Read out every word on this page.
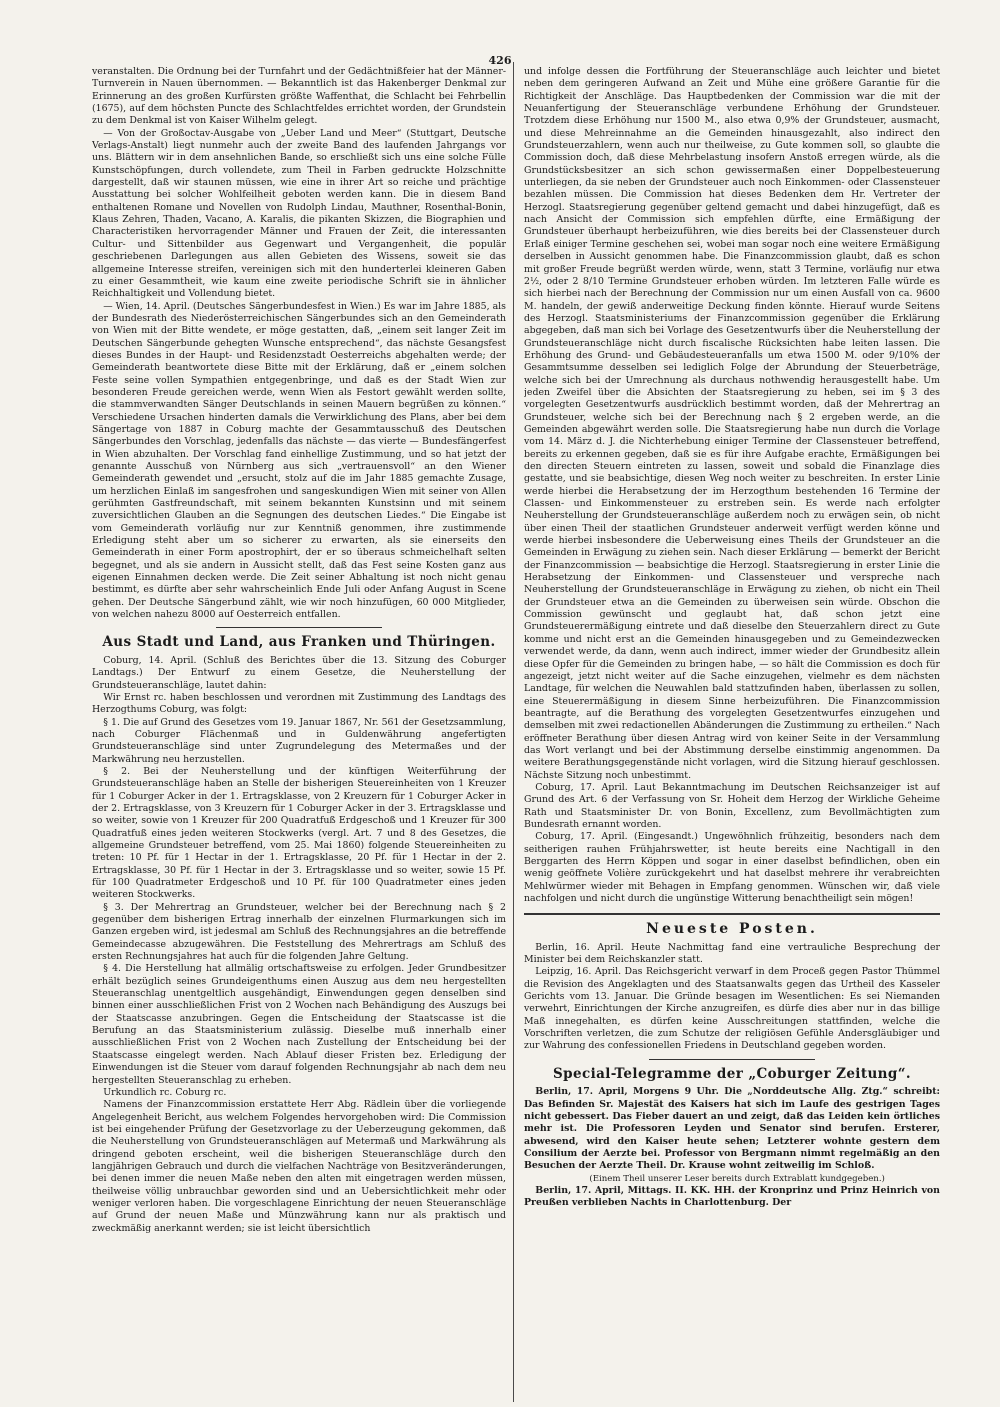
426

veranstalten. Die Ordnung bei der Turnfahrt und der Gedächtnißfeier hat der Männer-Turnverein in Nauen übernommen. — Bekanntlich ist das Hakenberger Denkmal zur Erinnerung an des großen Kurfürsten größte Waffenthat, die Schlacht bei Fehrbellin (1675), auf dem höchsten Puncte des Schlachtfeldes errichtet worden, der Grundstein zu dem Denkmal ist von Kaiser Wilhelm gelegt.

— Von der Großoctav-Ausgabe von „Ueber Land und Meer“ (Stuttgart, Deutsche Verlags-Anstalt) liegt nunmehr auch der zweite Band des laufenden Jahrgangs vor uns. Blättern wir in dem ansehnlichen Bande, so erschließt sich uns eine solche Fülle Kunstschöpfungen, durch vollendete, zum Theil in Farben gedruckte Holzschnitte dargestellt, daß wir staunen müssen, wie eine in ihrer Art so reiche und prächtige Ausstattung bei solcher Wohlfeilheit geboten werden kann. Die in diesem Band enthaltenen Romane und Novellen von Rudolph Lindau, Mauthner, Rosenthal-Bonin, Klaus Zehren, Thaden, Vacano, A. Karalis, die pikanten Skizzen, die Biographien und Characteristiken hervorragender Männer und Frauen der Zeit, die interessanten Cultur- und Sittenbilder aus Gegenwart und Vergangenheit, die populär geschriebenen Darlegungen aus allen Gebieten des Wissens, soweit sie das allgemeine Interesse streifen, vereinigen sich mit den hunderterlei kleineren Gaben zu einer Gesammtheit, wie kaum eine zweite periodische Schrift sie in ähnlicher Reichhaltigkeit und Vollendung bietet.

— Wien, 14. April. (Deutsches Sängerbundesfest in Wien.) Es war im Jahre 1885, als der Bundesrath des Niederösterreichischen Sängerbundes sich an den Gemeinderath von Wien mit der Bitte wendete, er möge gestatten, daß, „einem seit langer Zeit im Deutschen Sängerbunde gehegten Wunsche entsprechend“, das nächste Gesangsfest dieses Bundes in der Haupt- und Residenzstadt Oesterreichs abgehalten werde; der Gemeinderath beantwortete diese Bitte mit der Erklärung, daß er „einem solchen Feste seine vollen Sympathien entgegenbringe, und daß es der Stadt Wien zur besonderen Freude gereichen werde, wenn Wien als Festort gewählt werden sollte, die stammverwandten Sänger Deutschlands in seinen Mauern begrüßen zu können.“ Verschiedene Ursachen hinderten damals die Verwirklichung des Plans, aber bei dem Sängertage von 1887 in Coburg machte der Gesammtausschuß des Deutschen Sängerbundes den Vorschlag, jedenfalls das nächste — das vierte — Bundesfängerfest in Wien abzuhalten. Der Vorschlag fand einhellige Zustimmung, und so hat jetzt der genannte Ausschuß von Nürnberg aus sich „vertrauensvoll“ an den Wiener Gemeinderath gewendet und „ersucht, stolz auf die im Jahr 1885 gemachte Zusage, um herzlichen Einlaß im sangesfrohen und sangeskundigen Wien mit seiner von Allen gerühmten Gastfreundschaft, mit seinem bekannten Kunstsinn und mit seinem zuversichtlichen Glauben an die Segnungen des deutschen Liedes.“ Die Eingabe ist vom Gemeinderath vorläufig nur zur Kenntniß genommen, ihre zustimmende Erledigung steht aber um so sicherer zu erwarten, als sie einerseits den Gemeinderath in einer Form apostrophirt, der er so überaus schmeichelhaft selten begegnet, und als sie andern in Aussicht stellt, daß das Fest seine Kosten ganz aus eigenen Einnahmen decken werde. Die Zeit seiner Abhaltung ist noch nicht genau bestimmt, es dürfte aber sehr wahrscheinlich Ende Juli oder Anfang August in Scene gehen. Der Deutsche Sängerbund zählt, wie wir noch hinzufügen, 60 000 Mitglieder, von welchen nahezu 8000 auf Oesterreich entfallen.

Aus Stadt und Land, aus Franken und Thüringen.

Coburg, 14. April. (Schluß des Berichtes über die 13. Sitzung des Coburger Landtags.) Der Entwurf zu einem Gesetze, die Neuherstellung der Grundsteueranschläge, lautet dahin:

Wir Ernst rc. haben beschlossen und verordnen mit Zustimmung des Landtags des Herzogthums Coburg, was folgt:

§ 1. Die auf Grund des Gesetzes vom 19. Januar 1867, Nr. 561 der Gesetzsammlung, nach Coburger Flächenmaß und in Guldenwährung angefertigten Grundsteueranschläge sind unter Zugrundelegung des Metermaßes und der Markwährung neu herzustellen.

§ 2. Bei der Neuherstellung und der künftigen Weiterführung der Grundsteueranschläge haben an Stelle der bisherigen Steuereinheiten von 1 Kreuzer für 1 Coburger Acker in der 1. Ertragsklasse, von 2 Kreuzern für 1 Coburger Acker in der 2. Ertragsklasse, von 3 Kreuzern für 1 Coburger Acker in der 3. Ertragsklasse und so weiter, sowie von 1 Kreuzer für 200 Quadratfuß Erdgeschoß und 1 Kreuzer für 300 Quadratfuß eines jeden weiteren Stockwerks (vergl. Art. 7 und 8 des Gesetzes, die allgemeine Grundsteuer betreffend, vom 25. Mai 1860) folgende Steuereinheiten zu treten: 10 Pf. für 1 Hectar in der 1. Ertragsklasse, 20 Pf. für 1 Hectar in der 2. Ertragsklasse, 30 Pf. für 1 Hectar in der 3. Ertragsklasse und so weiter, sowie 15 Pf. für 100 Quadratmeter Erdgeschoß und 10 Pf. für 100 Quadratmeter eines jeden weiteren Stockwerks.

§ 3. Der Mehrertrag an Grundsteuer, welcher bei der Berechnung nach § 2 gegenüber dem bisherigen Ertrag innerhalb der einzelnen Flurmarkungen sich im Ganzen ergeben wird, ist jedesmal am Schluß des Rechnungsjahres an die betreffende Gemeindecasse abzugewähren. Die Feststellung des Mehrertrags am Schluß des ersten Rechnungsjahres hat auch für die folgenden Jahre Geltung.

§ 4. Die Herstellung hat allmälig ortschaftsweise zu erfolgen. Jeder Grundbesitzer erhält bezüglich seines Grundeigenthums einen Auszug aus dem neu hergestellten Steueranschlag unentgeltlich ausgehändigt, Einwendungen gegen denselben sind binnen einer ausschließlichen Frist von 2 Wochen nach Behändigung des Auszugs bei der Staatscasse anzubringen. Gegen die Entscheidung der Staatscasse ist die Berufung an das Staatsministerium zulässig. Dieselbe muß innerhalb einer ausschließlichen Frist von 2 Wochen nach Zustellung der Entscheidung bei der Staatscasse eingelegt werden. Nach Ablauf dieser Fristen bez. Erledigung der Einwendungen ist die Steuer vom darauf folgenden Rechnungsjahr ab nach dem neu hergestellten Steueranschlag zu erheben.

Urkundlich rc. Coburg rc.

Namens der Finanzcommission erstattete Herr Abg. Rädlein über die vorliegende Angelegenheit Bericht, aus welchem Folgendes hervorgehoben wird: Die Commission ist bei eingehender Prüfung der Gesetzvorlage zu der Ueberzeugung gekommen, daß die Neuherstellung von Grundsteueranschlägen auf Metermaß und Markwährung als dringend geboten erscheint, weil die bisherigen Steueranschläge durch den langjährigen Gebrauch und durch die vielfachen Nachträge von Besitzveränderungen, bei denen immer die neuen Maße neben den alten mit eingetragen werden müssen, theilweise völlig unbrauchbar geworden sind und an Uebersichtlichkeit mehr oder weniger verloren haben. Die vorgeschlagene Einrichtung der neuen Steueranschläge auf Grund der neuen Maße und Münzwährung kann nur als praktisch und zweckmäßig anerkannt werden; sie ist leicht übersichtlich

und infolge dessen die Fortführung der Steueranschläge auch leichter und bietet neben dem geringeren Aufwand an Zeit und Mühe eine größere Garantie für die Richtigkeit der Anschläge. Das Hauptbedenken der Commission war die mit der Neuanfertigung der Steueranschläge verbundene Erhöhung der Grundsteuer. Trotzdem diese Erhöhung nur 1500 M., also etwa 0,9% der Grundsteuer, ausmacht, und diese Mehreinnahme an die Gemeinden hinausgezahlt, also indirect den Grundsteuerzahlern, wenn auch nur theilweise, zu Gute kommen soll, so glaubte die Commission doch, daß diese Mehrbelastung insofern Anstoß erregen würde, als die Grundstücksbesitzer an sich schon gewissermaßen einer Doppelbesteuerung unterliegen, da sie neben der Grundsteuer auch noch Einkommen- oder Classensteuer bezahlen müssen. Die Commission hat dieses Bedenken dem Hr. Vertreter der Herzogl. Staatsregierung gegenüber geltend gemacht und dabei hinzugefügt, daß es nach Ansicht der Commission sich empfehlen dürfte, eine Ermäßigung der Grundsteuer überhaupt herbeizuführen, wie dies bereits bei der Classensteuer durch Erlaß einiger Termine geschehen sei, wobei man sogar noch eine weitere Ermäßigung derselben in Aussicht genommen habe. Die Finanzcommission glaubt, daß es schon mit großer Freude begrüßt werden würde, wenn, statt 3 Termine, vorläufig nur etwa 2½, oder 2 8/10 Termine Grundsteuer erhoben würden. Im letzteren Falle würde es sich hierbei nach der Berechnung der Commission nur um einen Ausfall von ca. 9600 M. handeln, der gewiß anderweitige Deckung finden könnte. Hierauf wurde Seitens des Herzogl. Staatsministeriums der Finanzcommission gegenüber die Erklärung abgegeben, daß man sich bei Vorlage des Gesetzentwurfs über die Neuherstellung der Grundsteueranschläge nicht durch fiscalische Rücksichten habe leiten lassen. Die Erhöhung des Grund- und Gebäudesteueranfalls um etwa 1500 M. oder 9/10% der Gesammtsumme desselben sei lediglich Folge der Abrundung der Steuerbeträge, welche sich bei der Umrechnung als durchaus nothwendig herausgestellt habe. Um jeden Zweifel über die Absichten der Staatsregierung zu heben, sei im § 3 des vorgelegten Gesetzentwurfs ausdrücklich bestimmt worden, daß der Mehrertrag an Grundsteuer, welche sich bei der Berechnung nach § 2 ergeben werde, an die Gemeinden abgewährt werden solle. Die Staatsregierung habe nun durch die Vorlage vom 14. März d. J. die Nichterhebung einiger Termine der Classensteuer betreffend, bereits zu erkennen gegeben, daß sie es für ihre Aufgabe erachte, Ermäßigungen bei den directen Steuern eintreten zu lassen, soweit und sobald die Finanzlage dies gestatte, und sie beabsichtige, diesen Weg noch weiter zu beschreiten. In erster Linie werde hierbei die Herabsetzung der im Herzogthum bestehenden 16 Termine der Classen- und Einkommensteuer zu erstreben sein. Es werde nach erfolgter Neuherstellung der Grundsteueranschläge außerdem noch zu erwägen sein, ob nicht über einen Theil der staatlichen Grundsteuer anderweit verfügt werden könne und werde hierbei insbesondere die Ueberweisung eines Theils der Grundsteuer an die Gemeinden in Erwägung zu ziehen sein. Nach dieser Erklärung — bemerkt der Bericht der Finanzcommission — beabsichtige die Herzogl. Staatsregierung in erster Linie die Herabsetzung der Einkommen- und Classensteuer und verspreche nach Neuherstellung der Grundsteueranschläge in Erwägung zu ziehen, ob nicht ein Theil der Grundsteuer etwa an die Gemeinden zu überweisen sein würde. Obschon die Commission gewünscht und geglaubt hat, daß schon jetzt eine Grundsteuerermäßigung eintrete und daß dieselbe den Steuerzahlern direct zu Gute komme und nicht erst an die Gemeinden hinausgegeben und zu Gemeindezwecken verwendet werde, da dann, wenn auch indirect, immer wieder der Grundbesitz allein diese Opfer für die Gemeinden zu bringen habe, — so hält die Commission es doch für angezeigt, jetzt nicht weiter auf die Sache einzugehen, vielmehr es dem nächsten Landtage, für welchen die Neuwahlen bald stattzufinden haben, überlassen zu sollen, eine Steuerermäßigung in diesem Sinne herbeizuführen. Die Finanzcommission beantragte, auf die Berathung des vorgelegten Gesetzentwurfes einzugehen und demselben mit zwei redactionellen Abänderungen die Zustimmung zu ertheilen.“ Nach eröffneter Berathung über diesen Antrag wird von keiner Seite in der Versammlung das Wort verlangt und bei der Abstimmung derselbe einstimmig angenommen. Da weitere Berathungsgegenstände nicht vorlagen, wird die Sitzung hierauf geschlossen. Nächste Sitzung noch unbestimmt.

Coburg, 17. April. Laut Bekanntmachung im Deutschen Reichsanzeiger ist auf Grund des Art. 6 der Verfassung von Sr. Hoheit dem Herzog der Wirkliche Geheime Rath und Staatsminister Dr. von Bonin, Excellenz, zum Bevollmächtigten zum Bundesrath ernannt worden.

Coburg, 17. April. (Eingesandt.) Ungewöhnlich frühzeitig, besonders nach dem seitherigen rauhen Frühjahrswetter, ist heute bereits eine Nachtigall in den Berggarten des Herrn Köppen und sogar in einer daselbst befindlichen, oben ein wenig geöffnete Volière zurückgekehrt und hat daselbst mehrere ihr verabreichten Mehlwürmer wieder mit Behagen in Empfang genommen. Wünschen wir, daß viele nachfolgen und nicht durch die ungünstige Witterung benachtheiligt sein mögen!

Neueste Posten.

Berlin, 16. April. Heute Nachmittag fand eine vertrauliche Besprechung der Minister bei dem Reichskanzler statt.

Leipzig, 16. April. Das Reichsgericht verwarf in dem Proceß gegen Pastor Thümmel die Revision des Angeklagten und des Staatsanwalts gegen das Urtheil des Kasseler Gerichts vom 13. Januar. Die Gründe besagen im Wesentlichen: Es sei Niemanden verwehrt, Einrichtungen der Kirche anzugreifen, es dürfe dies aber nur in das billige Maß innegehalten, es dürfen keine Ausschreitungen stattfinden, welche die Vorschriften verletzen, die zum Schutze der religiösen Gefühle Andersgläubiger und zur Wahrung des confessionellen Friedens in Deutschland gegeben worden.

Special-Telegramme der „Coburger Zeitung“.

Berlin, 17. April, Morgens 9 Uhr. Die „Norddeutsche Allg. Ztg.“ schreibt: Das Befinden Sr. Majestät des Kaisers hat sich im Laufe des gestrigen Tages nicht gebessert. Das Fieber dauert an und zeigt, daß das Leiden kein örtliches mehr ist. Die Professoren Leyden und Senator sind berufen. Ersterer, abwesend, wird den Kaiser heute sehen; Letzterer wohnte gestern dem Consilium der Aerzte bei. Professor von Bergmann nimmt regelmäßig an den Besuchen der Aerzte Theil. Dr. Krause wohnt zeitweilig im Schloß.

(Einem Theil unserer Leser bereits durch Extrablatt kundgegeben.)

Berlin, 17. April, Mittags. II. KK. HH. der Kronprinz und Prinz Heinrich von Preußen verblieben Nachts in Charlottenburg. Der
